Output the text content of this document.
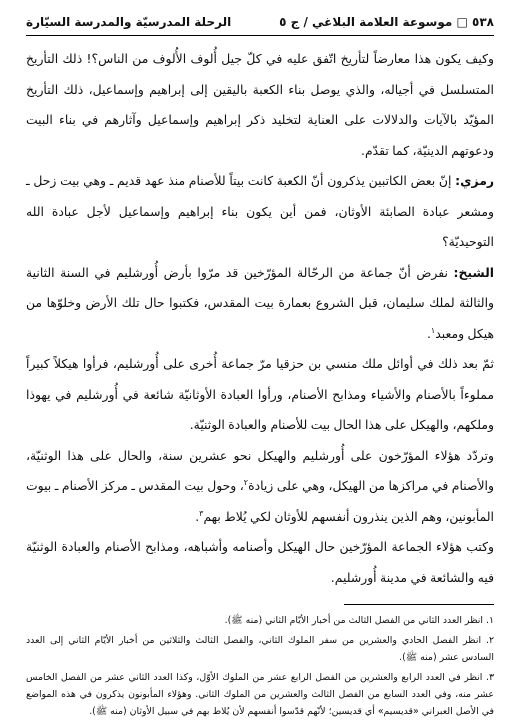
٥٣٨ □ موسوعة العلامة البلاغي / ج ٥
الرحلة المدرسيّة والمدرسة السيّارة

وكيف يكون هذا معارضاً لتأريخ اتّفق عليه في كلّ جيل أُلوف الأُلوف من الناس؟! ذلك التأريخ المتسلسل في أجياله، والذي يوصل بناء الكعبة باليقين إلى إبراهيم وإسماعيل، ذلك التأريخ المؤيّد بالآيات والدلالات على العناية لتخليد ذكر إبراهيم وإسماعيل وآثارهم في بناء البيت ودعوتهم الدينيّة، كما تقدّم.

رمزي: إنّ بعض الكاتبين يذكرون أنّ الكعبة كانت بيتاً للأصنام منذ عهد قديم ـ وهي بيت زحل ـ ومشعر عبادة الصابئة الأوثان، فمن أين يكون بناء إبراهيم وإسماعيل لأجل عبادة الله التوحيديّة؟

الشيخ: نفرض أنّ جماعة من الرحّالة المؤرّخين قد مرّوا بأرض أُورشليم في السنة الثانية والثالثة لملك سليمان، قبل الشروع بعمارة بيت المقدس، فكتبوا حال تلك الأرض وخلوّها من هيكل ومعبد$^١$.

ثمّ بعد ذلك في أوائل ملك منسي بن حزقيا مرّ جماعة أُخرى على أُورشليم، فرأوا هيكلاً كبيراً مملوءاً بالأصنام والأشياء ومذابح الأصنام، ورأوا العبادة الأوثانيّة شائعة في أُورشليم في يهوذا وملكهم، والهيكل على هذا الحال بيت للأصنام والعبادة الوثنيّة.

وتردّد هؤلاء المؤرّخون على أُورشليم والهيكل نحو عشرين سنة، والحال على هذا الوثنيّة، والأصنام في مراكزها من الهيكل، وهي على زيادة$^٢$، وحول بيت المقدس ـ مركز الأصنام ـ بيوت المأبونين، وهم الذين ينذرون أنفسهم للأوثان لكي يُلاط بهم$^٣$.

وكتب هؤلاء الجماعة المؤرّخين حال الهيكل وأصنامه وأشباهه، ومذابح الأصنام والعبادة الوثنيّة فيه والشائعة في مدينة أُورشليم.

١. انظر العدد الثاني من الفصل الثالث من أخبار الأيّام الثاني (منه ﷺ).

٢. انظر الفصل الحادي والعشرين من سفر الملوك الثاني، والفصل الثالث والثلاثين من أخبار الأيّام الثاني إلى العدد السادس عشر (منه ﷺ).

٣. انظر في العدد الرابع والعشرين من الفصل الرابع عشر من الملوك الأوّل، وكذا العدد الثاني عشر من الفصل الخامس عشر منه، وفي العدد السابع من الفصل الثالث والعشرين من الملوك الثاني. وهؤلاء المأبونون يذكرون في هذه المواضع في الأصل العبراني «قديسيم» أي قديسين؛ لأنّهم قدّسوا أنفسهم لأن يُلاط بهم في سبيل الأوثان (منه ﷺ).
